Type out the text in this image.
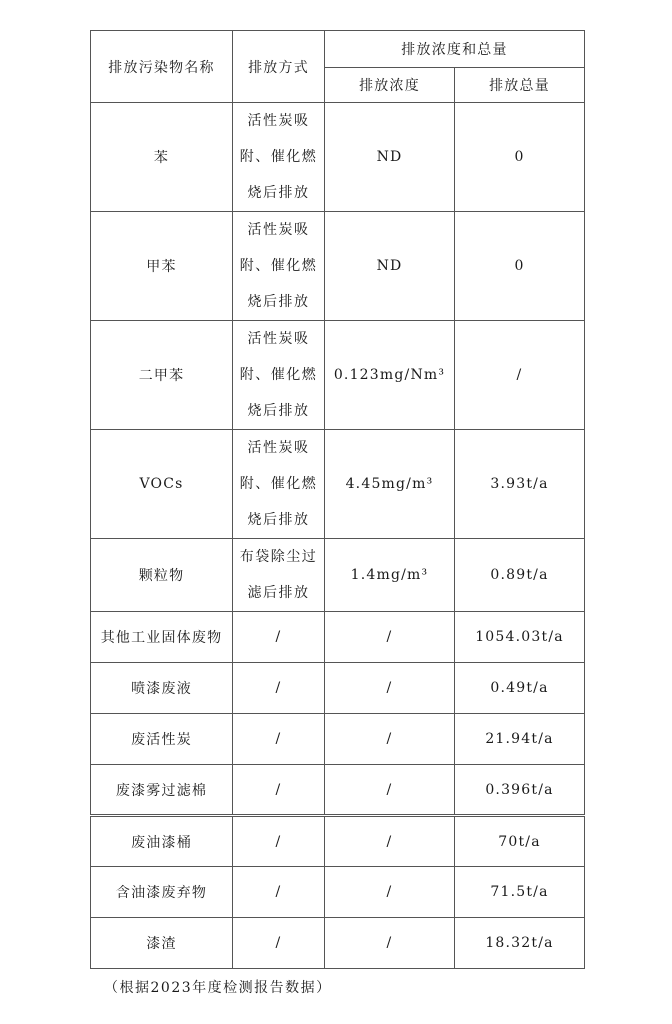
排放污染物名称	排放方式	排放浓度和总量	
		排放浓度	排放总量
苯	活性炭吸附、催化燃烧后排放	ND	0
甲苯	活性炭吸附、催化燃烧后排放	ND	0
二甲苯	活性炭吸附、催化燃烧后排放	0.123mg/Nm³	/
VOCs	活性炭吸附、催化燃烧后排放	4.45mg/m³	3.93t/a
颗粒物	布袋除尘过滤后排放	1.4mg/m³	0.89t/a
其他工业固体废物	/	/	1054.03t/a
喷漆废液	/	/	0.49t/a
废活性炭	/	/	21.94t/a
废漆雾过滤棉	/	/	0.396t/a
废油漆桶	/	/	70t/a
含油漆废弃物	/	/	71.5t/a
漆渣	/	/	18.32t/a
（根据2023年度检测报告数据）
